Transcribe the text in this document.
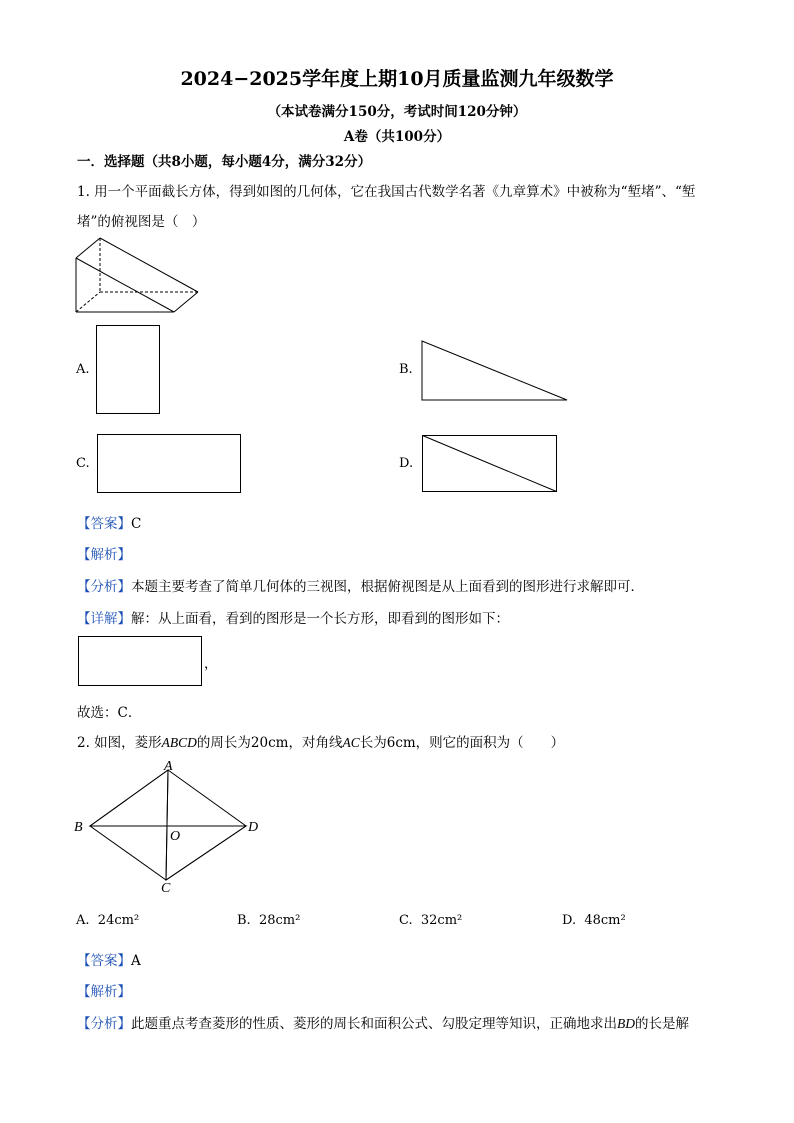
2024−2025学年度上期10月质量监测九年级数学
（本试卷满分150分，考试时间120分钟）
A卷（共100分）
一．选择题（共8小题，每小题4分，满分32分）
1. 用一个平面截长方体，得到如图的几何体，它在我国古代数学名著《九章算术》中被称为“堑堵”、“堑
堵”的俯视图是（　）
A.	B.
C.	D.
【答案】C
【解析】
【分析】本题主要考查了简单几何体的三视图，根据俯视图是从上面看到的图形进行求解即可．
【详解】解：从上面看，看到的图形是一个长方形，即看到的图形如下：
，
故选：C．
2. 如图，菱形ABCD的周长为20cm，对角线AC长为6cm，则它的面积为（　　）
A
B	D
C
O
A. 24cm²	B. 28cm²	C. 32cm²	D. 48cm²
【答案】A
【解析】
【分析】此题重点考查菱形的性质、菱形的周长和面积公式、勾股定理等知识，正确地求出BD的长是解
